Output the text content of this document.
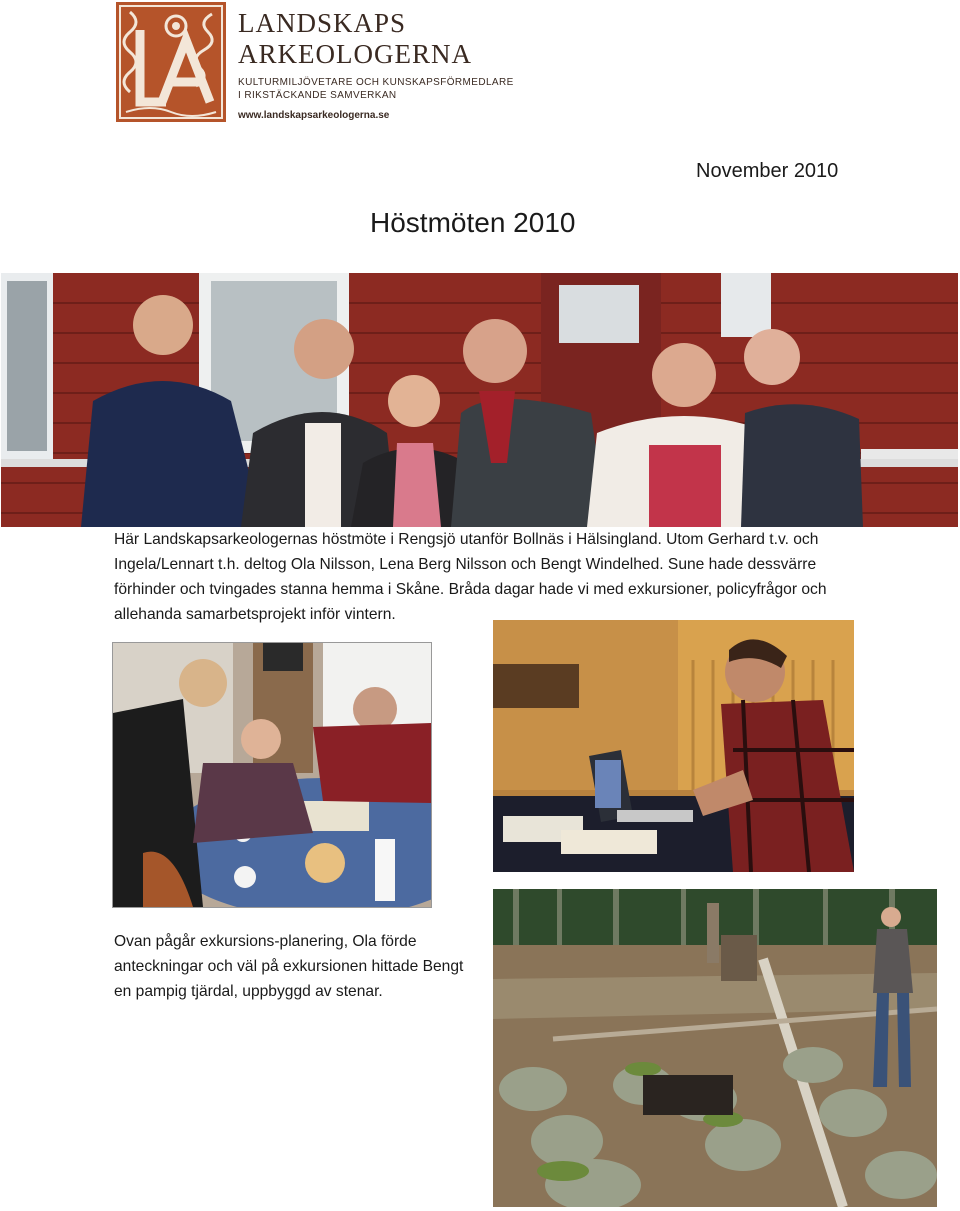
LANDSKAPS
ARKEOLOGERNA
KULTURMILJÖVETARE OCH KUNSKAPSFÖRMEDLARE
I RIKSTÄCKANDE SAMVERKAN
www.landskapsarkeologerna.se
November 2010
Höstmöten 2010

Här Landskapsarkeologernas höstmöte i Rengsjö utanför Bollnäs i Hälsingland. Utom Gerhard t.v. och Ingela/Lennart t.h. deltog Ola Nilsson, Lena Berg Nilsson och Bengt Windelhed. Sune hade dessvärre förhinder och tvingades stanna hemma i Skåne. Bråda dagar hade vi med exkursioner, policyfrågor och allehanda samarbetsprojekt inför vintern.

Ovan pågår exkursions-planering, Ola förde anteckningar och väl på exkursionen hittade Bengt en pampig tjärdal, uppbyggd av stenar.
